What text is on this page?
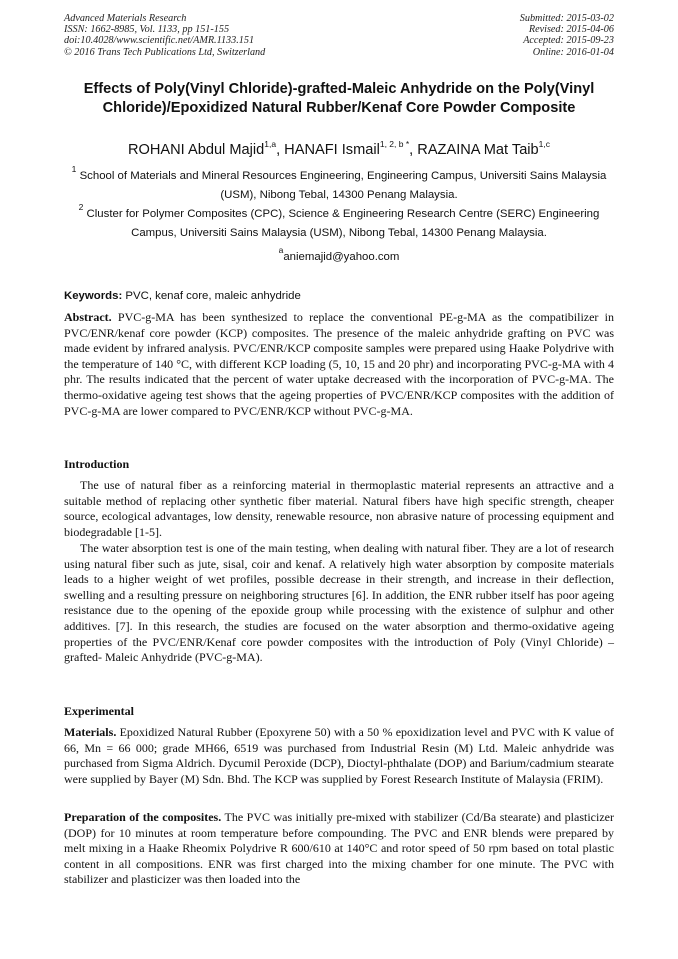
Advanced Materials Research
ISSN: 1662-8985, Vol. 1133, pp 151-155
doi:10.4028/www.scientific.net/AMR.1133.151
© 2016 Trans Tech Publications Ltd, Switzerland
Submitted: 2015-03-02
Revised: 2015-04-06
Accepted: 2015-09-23
Online: 2016-01-04
Effects of Poly(Vinyl Chloride)-grafted-Maleic Anhydride on the Poly(Vinyl Chloride)/Epoxidized Natural Rubber/Kenaf Core Powder Composite
ROHANI Abdul Majid$^{1,a}$, HANAFI Ismail$^{1, 2, b *}$, RAZAINA Mat Taib$^{1,c}$
$^1$ School of Materials and Mineral Resources Engineering, Engineering Campus, Universiti Sains Malaysia (USM), Nibong Tebal, 14300 Penang Malaysia.
$^2$ Cluster for Polymer Composites (CPC), Science & Engineering Research Centre (SERC) Engineering Campus, Universiti Sains Malaysia (USM), Nibong Tebal, 14300 Penang Malaysia.
$^a$aniemajid@yahoo.com
Keywords: PVC, kenaf core, maleic anhydride
Abstract. PVC-g-MA has been synthesized to replace the conventional PE-g-MA as the compatibilizer in PVC/ENR/kenaf core powder (KCP) composites. The presence of the maleic anhydride grafting on PVC was made evident by infrared analysis. PVC/ENR/KCP composite samples were prepared using Haake Polydrive with the temperature of 140 °C, with different KCP loading (5, 10, 15 and 20 phr) and incorporating PVC-g-MA with 4 phr. The results indicated that the percent of water uptake decreased with the incorporation of PVC-g-MA. The thermo-oxidative ageing test shows that the ageing properties of PVC/ENR/KCP composites with the addition of PVC-g-MA are lower compared to PVC/ENR/KCP without PVC-g-MA.
Introduction
The use of natural fiber as a reinforcing material in thermoplastic material represents an attractive and a suitable method of replacing other synthetic fiber material. Natural fibers have high specific strength, cheaper source, ecological advantages, low density, renewable resource, non abrasive nature of processing equipment and biodegradable [1-5].
The water absorption test is one of the main testing, when dealing with natural fiber. They are a lot of research using natural fiber such as jute, sisal, coir and kenaf. A relatively high water absorption by composite materials leads to a higher weight of wet profiles, possible decrease in their strength, and increase in their deflection, swelling and a resulting pressure on neighboring structures [6]. In addition, the ENR rubber itself has poor ageing resistance due to the opening of the epoxide group while processing with the existence of sulphur and other additives. [7]. In this research, the studies are focused on the water absorption and thermo-oxidative ageing properties of the PVC/ENR/Kenaf core powder composites with the introduction of Poly (Vinyl Chloride) – grafted- Maleic Anhydride (PVC-g-MA).
Experimental
Materials. Epoxidized Natural Rubber (Epoxyrene 50) with a 50 % epoxidization level and PVC with K value of 66, Mn = 66 000; grade MH66, 6519 was purchased from Industrial Resin (M) Ltd. Maleic anhydride was purchased from Sigma Aldrich. Dycumil Peroxide (DCP), Dioctyl-phthalate (DOP) and Barium/cadmium stearate were supplied by Bayer (M) Sdn. Bhd. The KCP was supplied by Forest Research Institute of Malaysia (FRIM).
Preparation of the composites. The PVC was initially pre-mixed with stabilizer (Cd/Ba stearate) and plasticizer (DOP) for 10 minutes at room temperature before compounding. The PVC and ENR blends were prepared by melt mixing in a Haake Rheomix Polydrive R 600/610 at 140°C and rotor speed of 50 rpm based on total plastic content in all compositions. ENR was first charged into the mixing chamber for one minute. The PVC with stabilizer and plasticizer was then loaded into the
